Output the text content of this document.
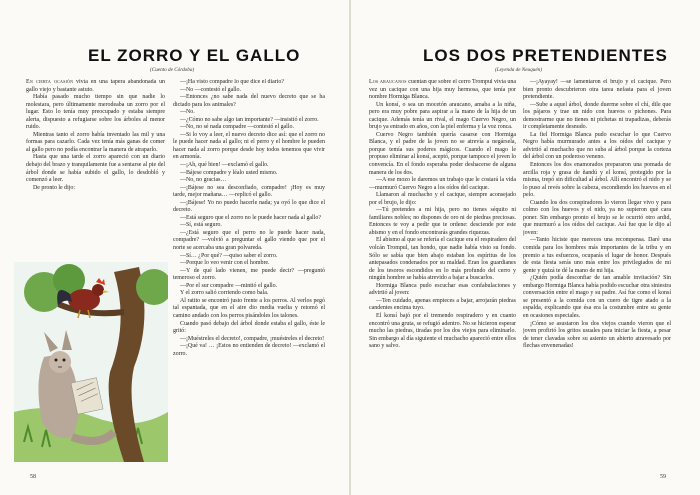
EL ZORRO Y EL GALLO
(Cuento de Córdoba)

En cierta ocasión vivía en una tapera abandonada un gallo viejo y bastante astuto.

Había pasado mucho tiempo sin que nadie lo molestara, pero últimamente merodeaba un zorro por el lugar. Esto lo tenía muy preocupado y estaba siempre alerta, dispuesto a refugiarse sobre los árboles al menor ruido.

Mientras tanto el zorro había inventado las mil y una formas para cazarlo. Cada vez tenía más ganas de comer al gallo pero no podía encontrar la manera de atraparlo.

Hasta que una tarde el zorro apareció con un diario debajo del brazo y tranquilamente fue a sentarse al pie del árbol donde se había subido el gallo, lo desdobló y comenzó a leer.

De pronto le dijo:

—¡Ha visto compadre lo que dice el diario?

—No —contestó el gallo.

—Entonces ¿no sabe nada del nuevo decreto que se ha dictado para los animales?

—No.

—¿Cómo no sabe algo tan importante? —insistió el zorro.

—No, no sé nada compadre —contestó el gallo.

—Si lo voy a leer, el nuevo decreto dice así: que el zorro no le puede hacer nada al gallo; ni el perro y el hombre le pueden hacer nada al zorro porque desde hoy todos tenemos que vivir en armonía.

—¡Ah, qué bien! —exclamó el gallo.

—Bájese compadre y léalo usted mismo.

—No, no gracias…

—¡Bájese no sea desconfiado, compadre! ¡Hoy es muy tarde, mejor mañana… —replicó el gallo.

—¡Bájese! Yo no puedo hacerle nada; ya oyó lo que dice el decreto.

—Está seguro que el zorro no le puede hacer nada al gallo?

—Sí, está seguro.

—¿Está seguro que el perro no le puede hacer nada, compadre? —volvió a preguntar el gallo viendo que por el norte se acercaba una gran polvareda.

—Sí… ¿Por qué? —quiso saber el zorro.

—Porque lo veo venir con el hombre.

—Y de qué lado vienen, me puede decir? —preguntó temeroso el zorro.

—Por el sur compadre —mintió el gallo.

Y el zorro salió corriendo como bala.

Al ratito se encontró justo frente a los perros. Al verlos pegó tal espantada, que en el aire dio media vuelta y retomó el camino andado con los perros pisándoles los talones.

Cuando pasó debajo del árbol donde estaba el gallo, éste le gritó:

—¡Muéstreles el decreto!, compadre, ¡muéstreles el decreto!

—¡Qué va! … ¡Estos no entienden de decreto! —exclamó el zorro.

58
LOS DOS PRETENDIENTES
(Leyenda de Neuquén)

Los araucanos cuentan que sobre el cerro Trompul vivía una vez un cacique con una hija muy hermosa, que tenía por nombre Hormiga Blanca.

Un konsí, o sea un mocetón araucano, amaba a la niña, pero era muy pobre para aspirar a la mano de la hija de un cacique. Además tenía un rival, el mago Cuervo Negro, un brujo ya entrado en años, con la piel enferma y la voz ronca.

Cuervo Negro también quería casarse con Hormiga Blanca, y el padre de la joven no se atrevía a negársela, porque temía sus poderes mágicos. Cuando el mago le propuso eliminar al konsí, aceptó, porque tampoco el joven lo convencía. En el fondo esperaba poder deshacerse de alguna manera de los dos.

—A ese mozo le daremos un trabajo que le costará la vida —murmuró Cuervo Negro a los oídos del cacique.

Llamaron al muchacho y el cacique, siempre aconsejado por el brujo, le dijo:

—Tú pretendes a mi hija, pero no tienes séquito ni familiares nobles; no dispones de oro ni de piedras preciosas. Entonces te voy a pedir que te ordene: desciende por este abismo y en el fondo encontrarás grandes riquezas.

El abismo al que se refería el cacique era el respiradero del volcán Trompul, tan hondo, que nadie había visto su fondo. Sólo se sabía que bien abajo estaban los espíritus de los antepasados condenados por su maldad. Eran los guardianes de los tesoros escondidos en lo más profundo del cerro y ningún hombre se había atrevido a bajar a buscarlos.

Hormiga Blanca pudo escuchar esas confabulaciones y advirtió al joven:

—Ten cuidado, apenas empieces a bajar, arrojarán piedras candentes encima tuyo.

El konsí bajó por el tremendo respiradero y en cuanto encontró una gruta, se refugió adentro. No se hicieron esperar mucho las piedras, tiradas por los dos viejos para eliminarlo. Sin embargo al día siguiente el muchacho apareció entre ellos sano y salvo.

—¡Ayayay! —se lamentaron el brujo y el cacique. Pero bien pronto descubrieron otra tarea nefasta para el joven pretendiente.

—Sube a aquel árbol, donde duerme sobre el chí, dile que los pájaros y trae un nido con huevos o pichones. Para demostrarme que no tienes ni pichetas ni trapadizas, deberás ir completamente desnudo.

La fiel Hormiga Blanca pudo escuchar lo que Cuervo Negro había murmurado antes a los oídos del cacique y advirtió al muchacho que no suba al árbol porque la corteza del árbol con un poderoso veneno.

Entonces los dos enamorados prepararon una pomada de arcilla roja y grasa de ñandú y el konsí, protegido por la misma, trepó sin dificultad al árbol. Allí encontró el nido y se lo puso al revés sobre la cabeza, escondiendo los huevos en el pelo.

Cuando los dos conspiradores lo vieron llegar vivo y para colmo con los huevos y el nido, ya no supieron qué cara poner. Sin embargo pronto el brujo se le ocurrió otro ardid, que murmuró a los oídos del cacique. Así fue que le dijo al joven:

—Tanto hiciste que mereces una recompensa. Daré una comida para los hombres más importantes de la tribu y en premio a tus esfuerzos, ocuparás el lugar de honor. Después de esta fiesta serás uno más entre los privilegiados de mi gente y quizá te dé la mano de mi hija.

¿Quién podía desconfiar de tan amable invitación? Sin embargo Hormiga Blanca había podido escuchar otra siniestra conversación entre el mago y su padre. Así fue como el konsí se presentó a la comida con un cuero de tigre atado a la espalda, explicando que ésa era la costumbre entre su gente en ocasiones especiales.

¡Cómo se asustaron los dos viejos cuando vieron que el joven profirió los gritos usuales para iniciar la fiesta, a pesar de tener clavadas sobre su asiento un abierto atravesado por flechas envenenadas!

59
